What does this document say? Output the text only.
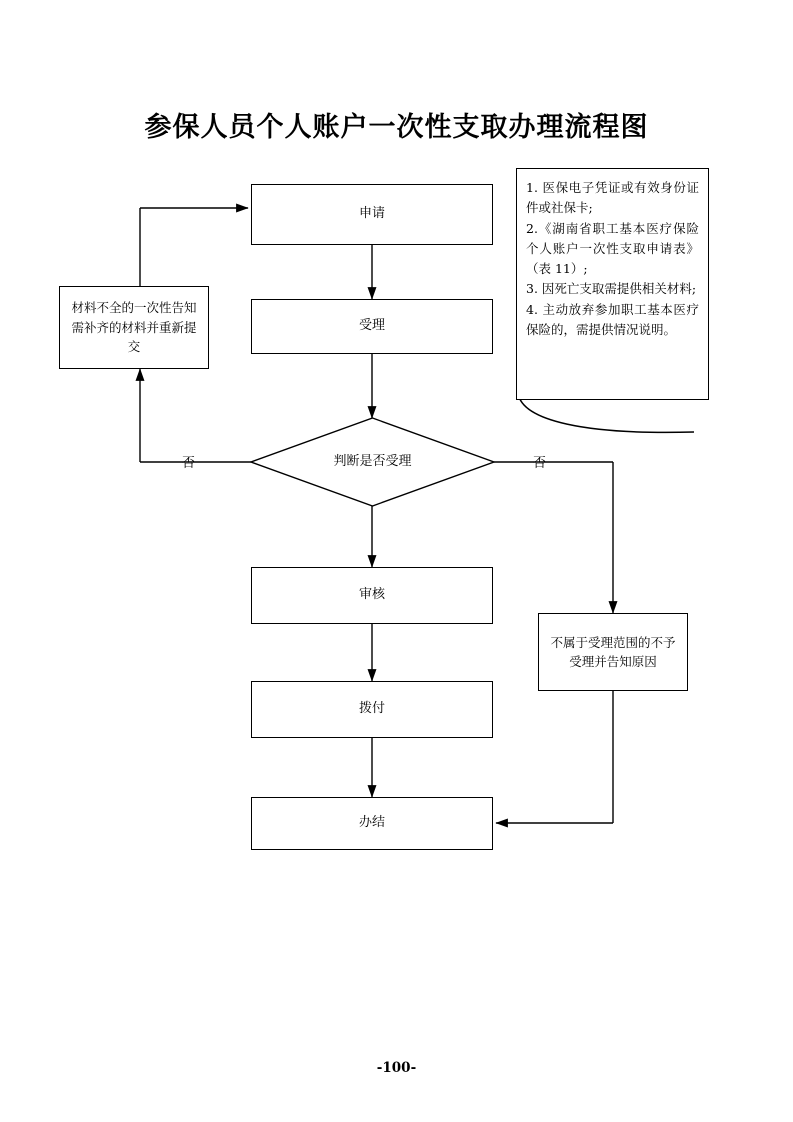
参保人员个人账户一次性支取办理流程图
申请
受理
材料不全的一次性告知需补齐的材料并重新提交
判断是否受理
审核
拨付
办结
不属于受理范围的不予受理并告知原因
否	否
1. 医保电子凭证或有效身份证件或社保卡;
2.《湖南省职工基本医疗保险个人账户一次性支取申请表》（表 11）;
3. 因死亡支取需提供相关材料;
4. 主动放弃参加职工基本医疗保险的，需提供情况说明。
-100-
